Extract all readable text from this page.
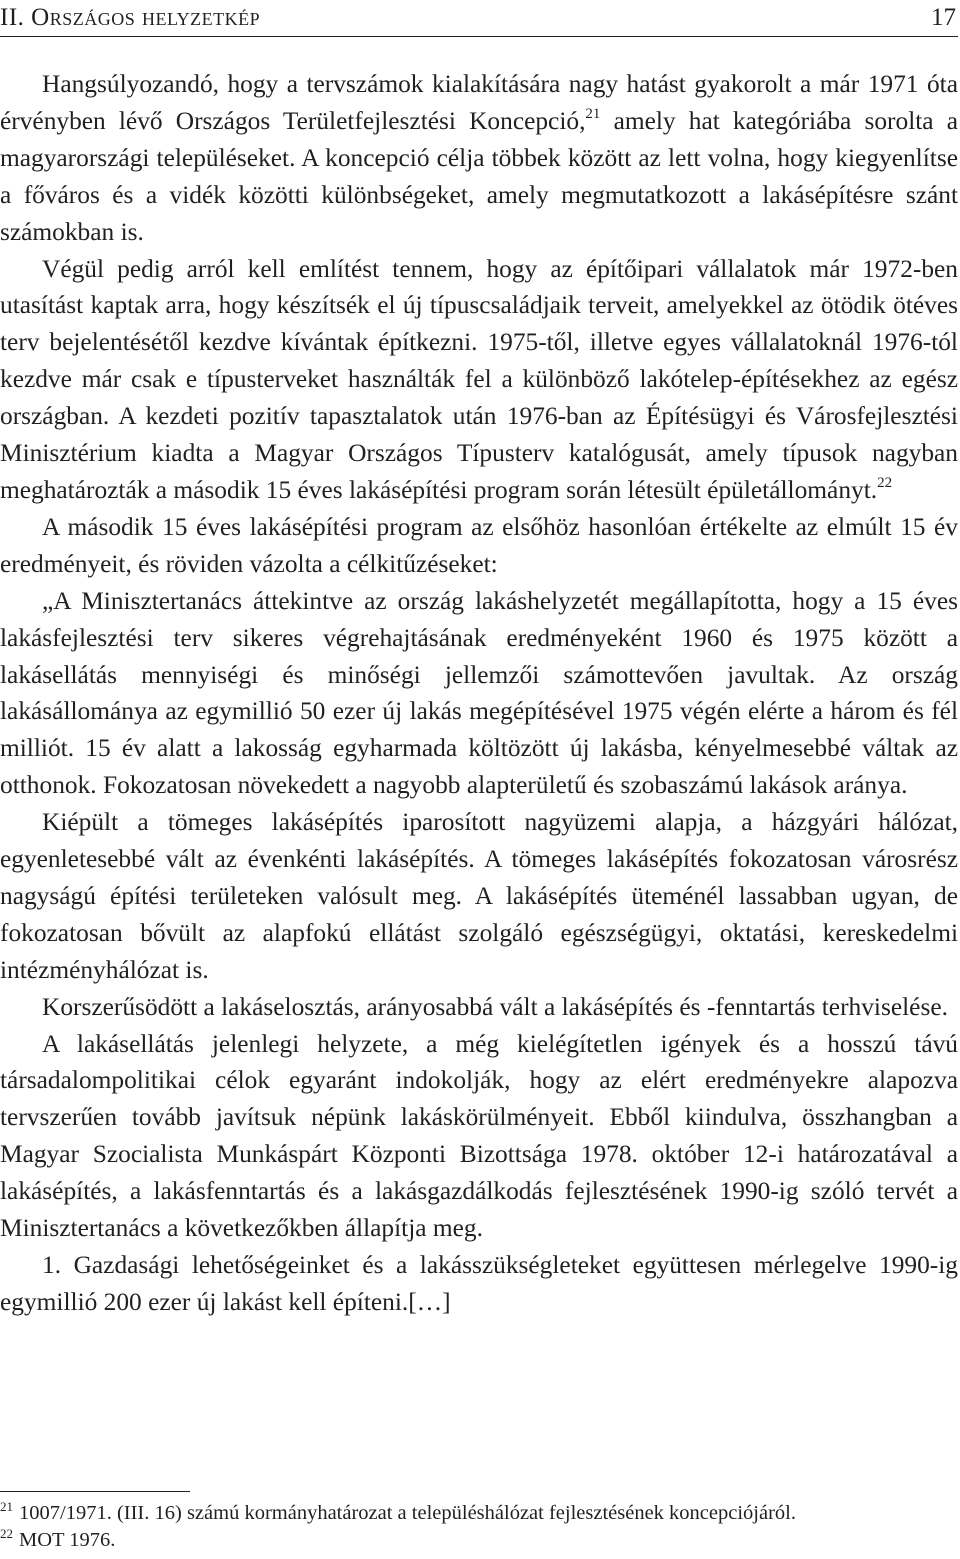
II. Országos helyzetkép	17

Hangsúlyozandó, hogy a tervszámok kialakítására nagy hatást gyakorolt a már 1971 óta érvényben lévő Országos Területfejlesztési Koncepció,$^{21}$ amely hat kategóriába sorolta a magyarországi településeket. A koncepció célja többek között az lett volna, hogy kiegyenlítse a főváros és a vidék közötti különbségeket, amely megmutatkozott a lakásépítésre szánt számokban is.

Végül pedig arról kell említést tennem, hogy az építőipari vállalatok már 1972-ben utasítást kaptak arra, hogy készítsék el új típuscsaládjaik terveit, amelyekkel az ötödik ötéves terv bejelentésétől kezdve kívántak építkezni. 1975-től, illetve egyes vállalatoknál 1976-tól kezdve már csak e típusterveket használták fel a különböző lakótelep-építésekhez az egész országban. A kezdeti pozitív tapasztalatok után 1976-ban az Építésügyi és Városfejlesztési Minisztérium kiadta a Magyar Országos Típusterv katalógusát, amely típusok nagyban meghatározták a második 15 éves lakásépítési program során létesült épületállományt.$^{22}$

A második 15 éves lakásépítési program az elsőhöz hasonlóan értékelte az elmúlt 15 év eredményeit, és röviden vázolta a célkitűzéseket:

„A Minisztertanács áttekintve az ország lakáshelyzetét megállapította, hogy a 15 éves lakásfejlesztési terv sikeres végrehajtásának eredményeként 1960 és 1975 között a lakásellátás mennyiségi és minőségi jellemzői számottevően javultak. Az ország lakásállománya az egymillió 50 ezer új lakás megépítésével 1975 végén elérte a három és fél milliót. 15 év alatt a lakosság egyharmada költözött új lakásba, kényelmesebbé váltak az otthonok. Fokozatosan növekedett a nagyobb alapterületű és szobaszámú lakások aránya.

Kiépült a tömeges lakásépítés iparosított nagyüzemi alapja, a házgyári hálózat, egyenletesebbé vált az évenkénti lakásépítés. A tömeges lakásépítés fokozatosan városrész nagyságú építési területeken valósult meg. A lakásépítés üteménél lassabban ugyan, de fokozatosan bővült az alapfokú ellátást szolgáló egészségügyi, oktatási, kereskedelmi intézményhálózat is.

Korszerűsödött a lakáselosztás, arányosabbá vált a lakásépítés és -fenntartás terhviselése.

A lakásellátás jelenlegi helyzete, a még kielégítetlen igények és a hosszú távú társadalompolitikai célok egyaránt indokolják, hogy az elért eredményekre alapozva tervszerűen tovább javítsuk népünk lakáskörülményeit. Ebből kiindulva, összhangban a Magyar Szocialista Munkáspárt Központi Bizottsága 1978. október 12-i határozatával a lakásépítés, a lakásfenntartás és a lakásgazdálkodás fejlesztésének 1990-ig szóló tervét a Minisztertanács a következőkben állapítja meg.

1. Gazdasági lehetőségeinket és a lakásszükségleteket együttesen mérlegelve 1990-ig egymillió 200 ezer új lakást kell építeni.[…]

$^{21}$ 1007/1971. (III. 16) számú kormányhatározat a településhálózat fejlesztésének koncepciójáról.

$^{22}$ MOT 1976.
